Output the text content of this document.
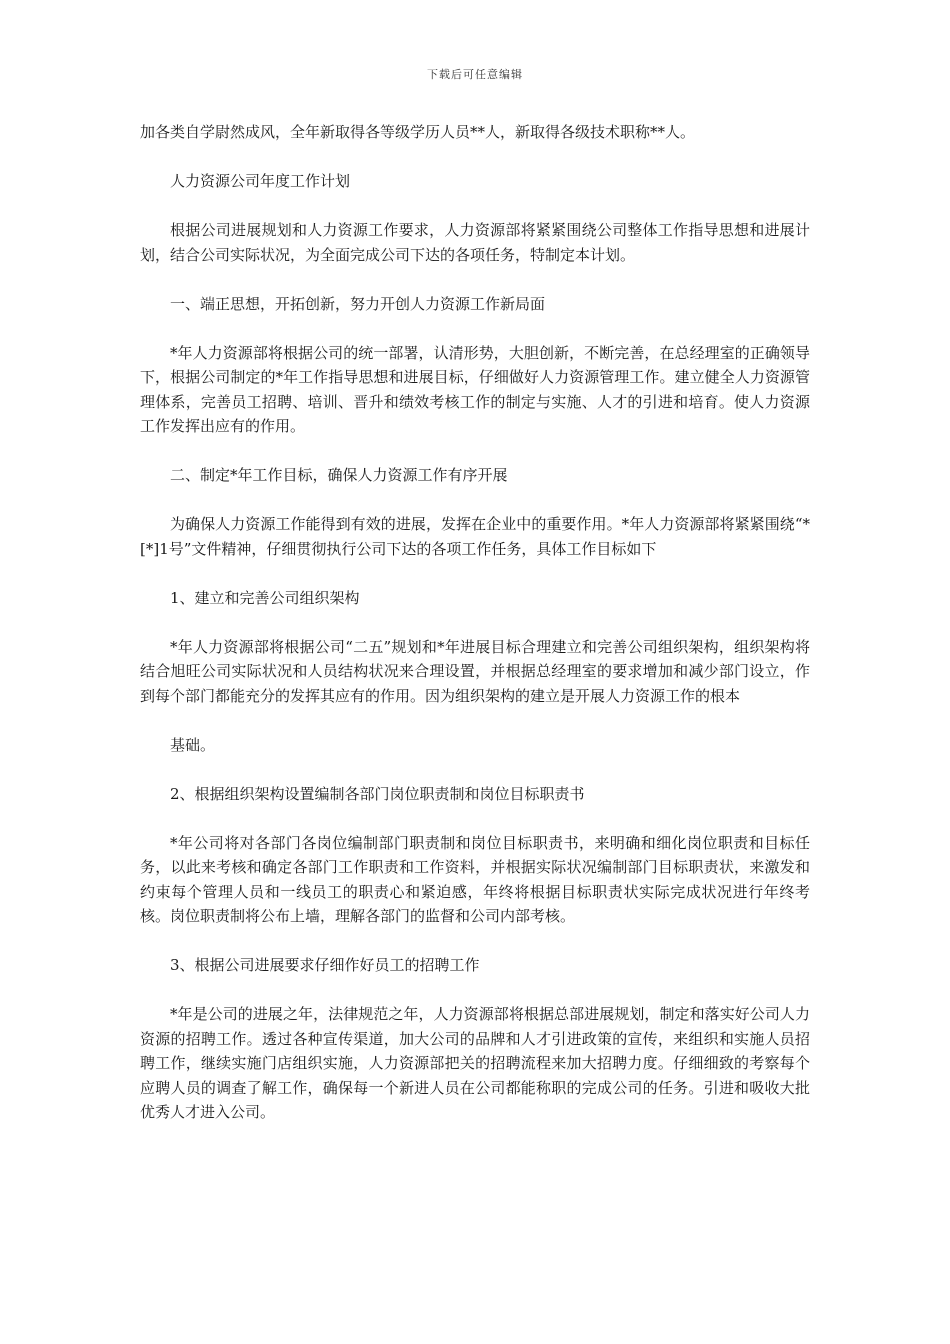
下载后可任意编辑

加各类自学尉然成风，全年新取得各等级学历人员**人，新取得各级技术职称**人。

人力资源公司年度工作计划

根据公司进展规划和人力资源工作要求，人力资源部将紧紧围绕公司整体工作指导思想和进展计划，结合公司实际状况，为全面完成公司下达的各项任务，特制定本计划。

一、端正思想，开拓创新，努力开创人力资源工作新局面

*年人力资源部将根据公司的统一部署，认清形势，大胆创新，不断完善，在总经理室的正确领导下，根据公司制定的*年工作指导思想和进展目标，仔细做好人力资源管理工作。建立健全人力资源管理体系，完善员工招聘、培训、晋升和绩效考核工作的制定与实施、人才的引进和培育。使人力资源工作发挥出应有的作用。

二、制定*年工作目标，确保人力资源工作有序开展

为确保人力资源工作能得到有效的进展，发挥在企业中的重要作用。*年人力资源部将紧紧围绕“*[*]1号”文件精神，仔细贯彻执行公司下达的各项工作任务，具体工作目标如下

1、建立和完善公司组织架构

*年人力资源部将根据公司“二五”规划和*年进展目标合理建立和完善公司组织架构，组织架构将结合旭旺公司实际状况和人员结构状况来合理设置，并根据总经理室的要求增加和减少部门设立，作到每个部门都能充分的发挥其应有的作用。因为组织架构的建立是开展人力资源工作的根本

基础。

2、根据组织架构设置编制各部门岗位职责制和岗位目标职责书

*年公司将对各部门各岗位编制部门职责制和岗位目标职责书，来明确和细化岗位职责和目标任务，以此来考核和确定各部门工作职责和工作资料，并根据实际状况编制部门目标职责状，来激发和约束每个管理人员和一线员工的职责心和紧迫感，年终将根据目标职责状实际完成状况进行年终考核。岗位职责制将公布上墙，理解各部门的监督和公司内部考核。

3、根据公司进展要求仔细作好员工的招聘工作

*年是公司的进展之年，法律规范之年，人力资源部将根据总部进展规划，制定和落实好公司人力资源的招聘工作。透过各种宣传渠道，加大公司的品牌和人才引进政策的宣传，来组织和实施人员招聘工作，继续实施门店组织实施，人力资源部把关的招聘流程来加大招聘力度。仔细细致的考察每个应聘人员的调查了解工作，确保每一个新进人员在公司都能称职的完成公司的任务。引进和吸收大批优秀人才进入公司。
